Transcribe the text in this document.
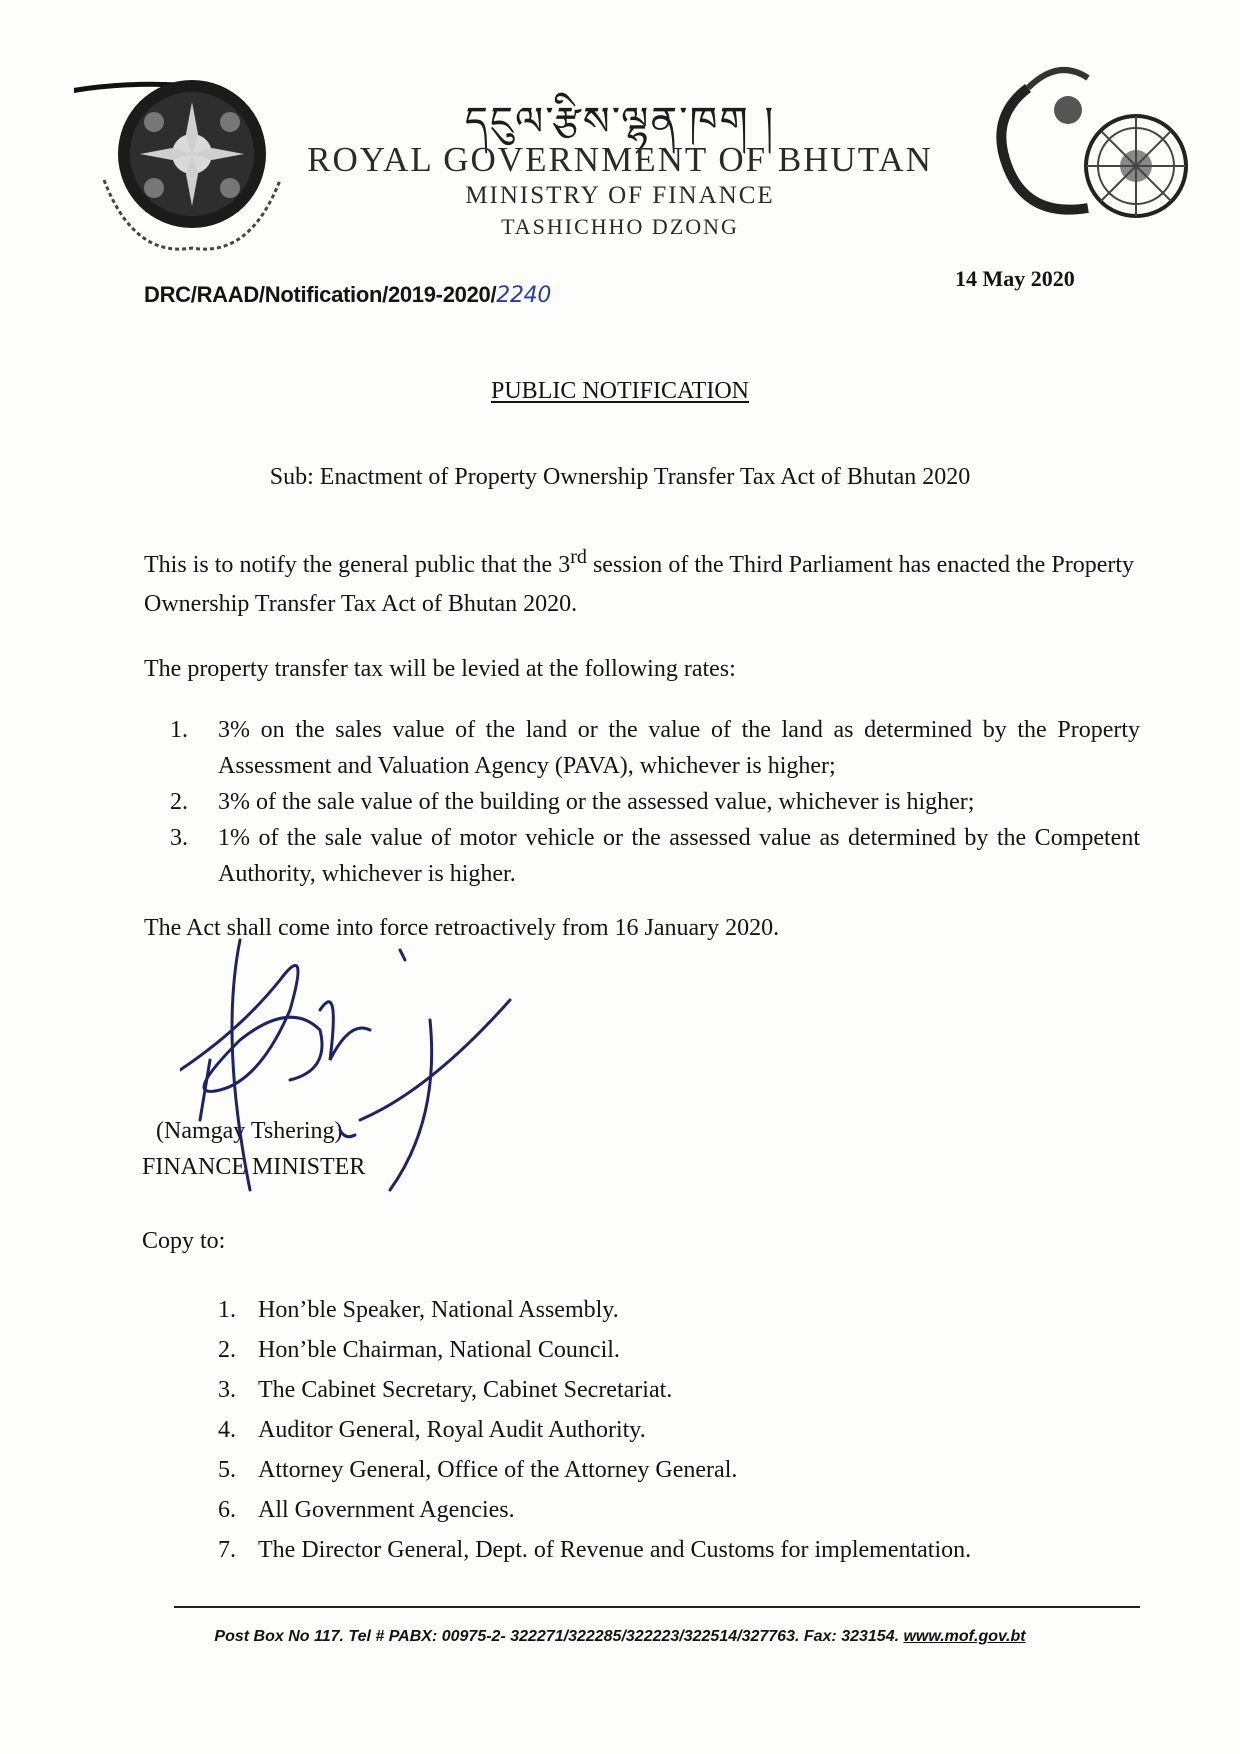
དངུལ་རྩིས་ལྷན་ཁག །
ROYAL GOVERNMENT OF BHUTAN
MINISTRY OF FINANCE
TASHICHHO DZONG
DRC/RAAD/Notification/2019-2020/2240
14 May 2020
PUBLIC NOTIFICATION
Sub: Enactment of Property Ownership Transfer Tax Act of Bhutan 2020
This is to notify the general public that the 3rd session of the Third Parliament has enacted the Property Ownership Transfer Tax Act of Bhutan 2020.
The property transfer tax will be levied at the following rates:
1.	3% on the sales value of the land or the value of the land as determined by the Property Assessment and Valuation Agency (PAVA), whichever is higher;
2.	3% of the sale value of the building or the assessed value, whichever is higher;
3.	1% of the sale value of motor vehicle or the assessed value as determined by the Competent Authority, whichever is higher.
The Act shall come into force retroactively from 16 January 2020.
(Namgay Tshering)
FINANCE MINISTER
Copy to:
1. Hon’ble Speaker, National Assembly.
2. Hon’ble Chairman, National Council.
3. The Cabinet Secretary, Cabinet Secretariat.
4. Auditor General, Royal Audit Authority.
5. Attorney General, Office of the Attorney General.
6. All Government Agencies.
7. The Director General, Dept. of Revenue and Customs for implementation.
Post Box No 117. Tel # PABX: 00975-2- 322271/322285/322223/322514/327763. Fax: 323154. www.mof.gov.bt
